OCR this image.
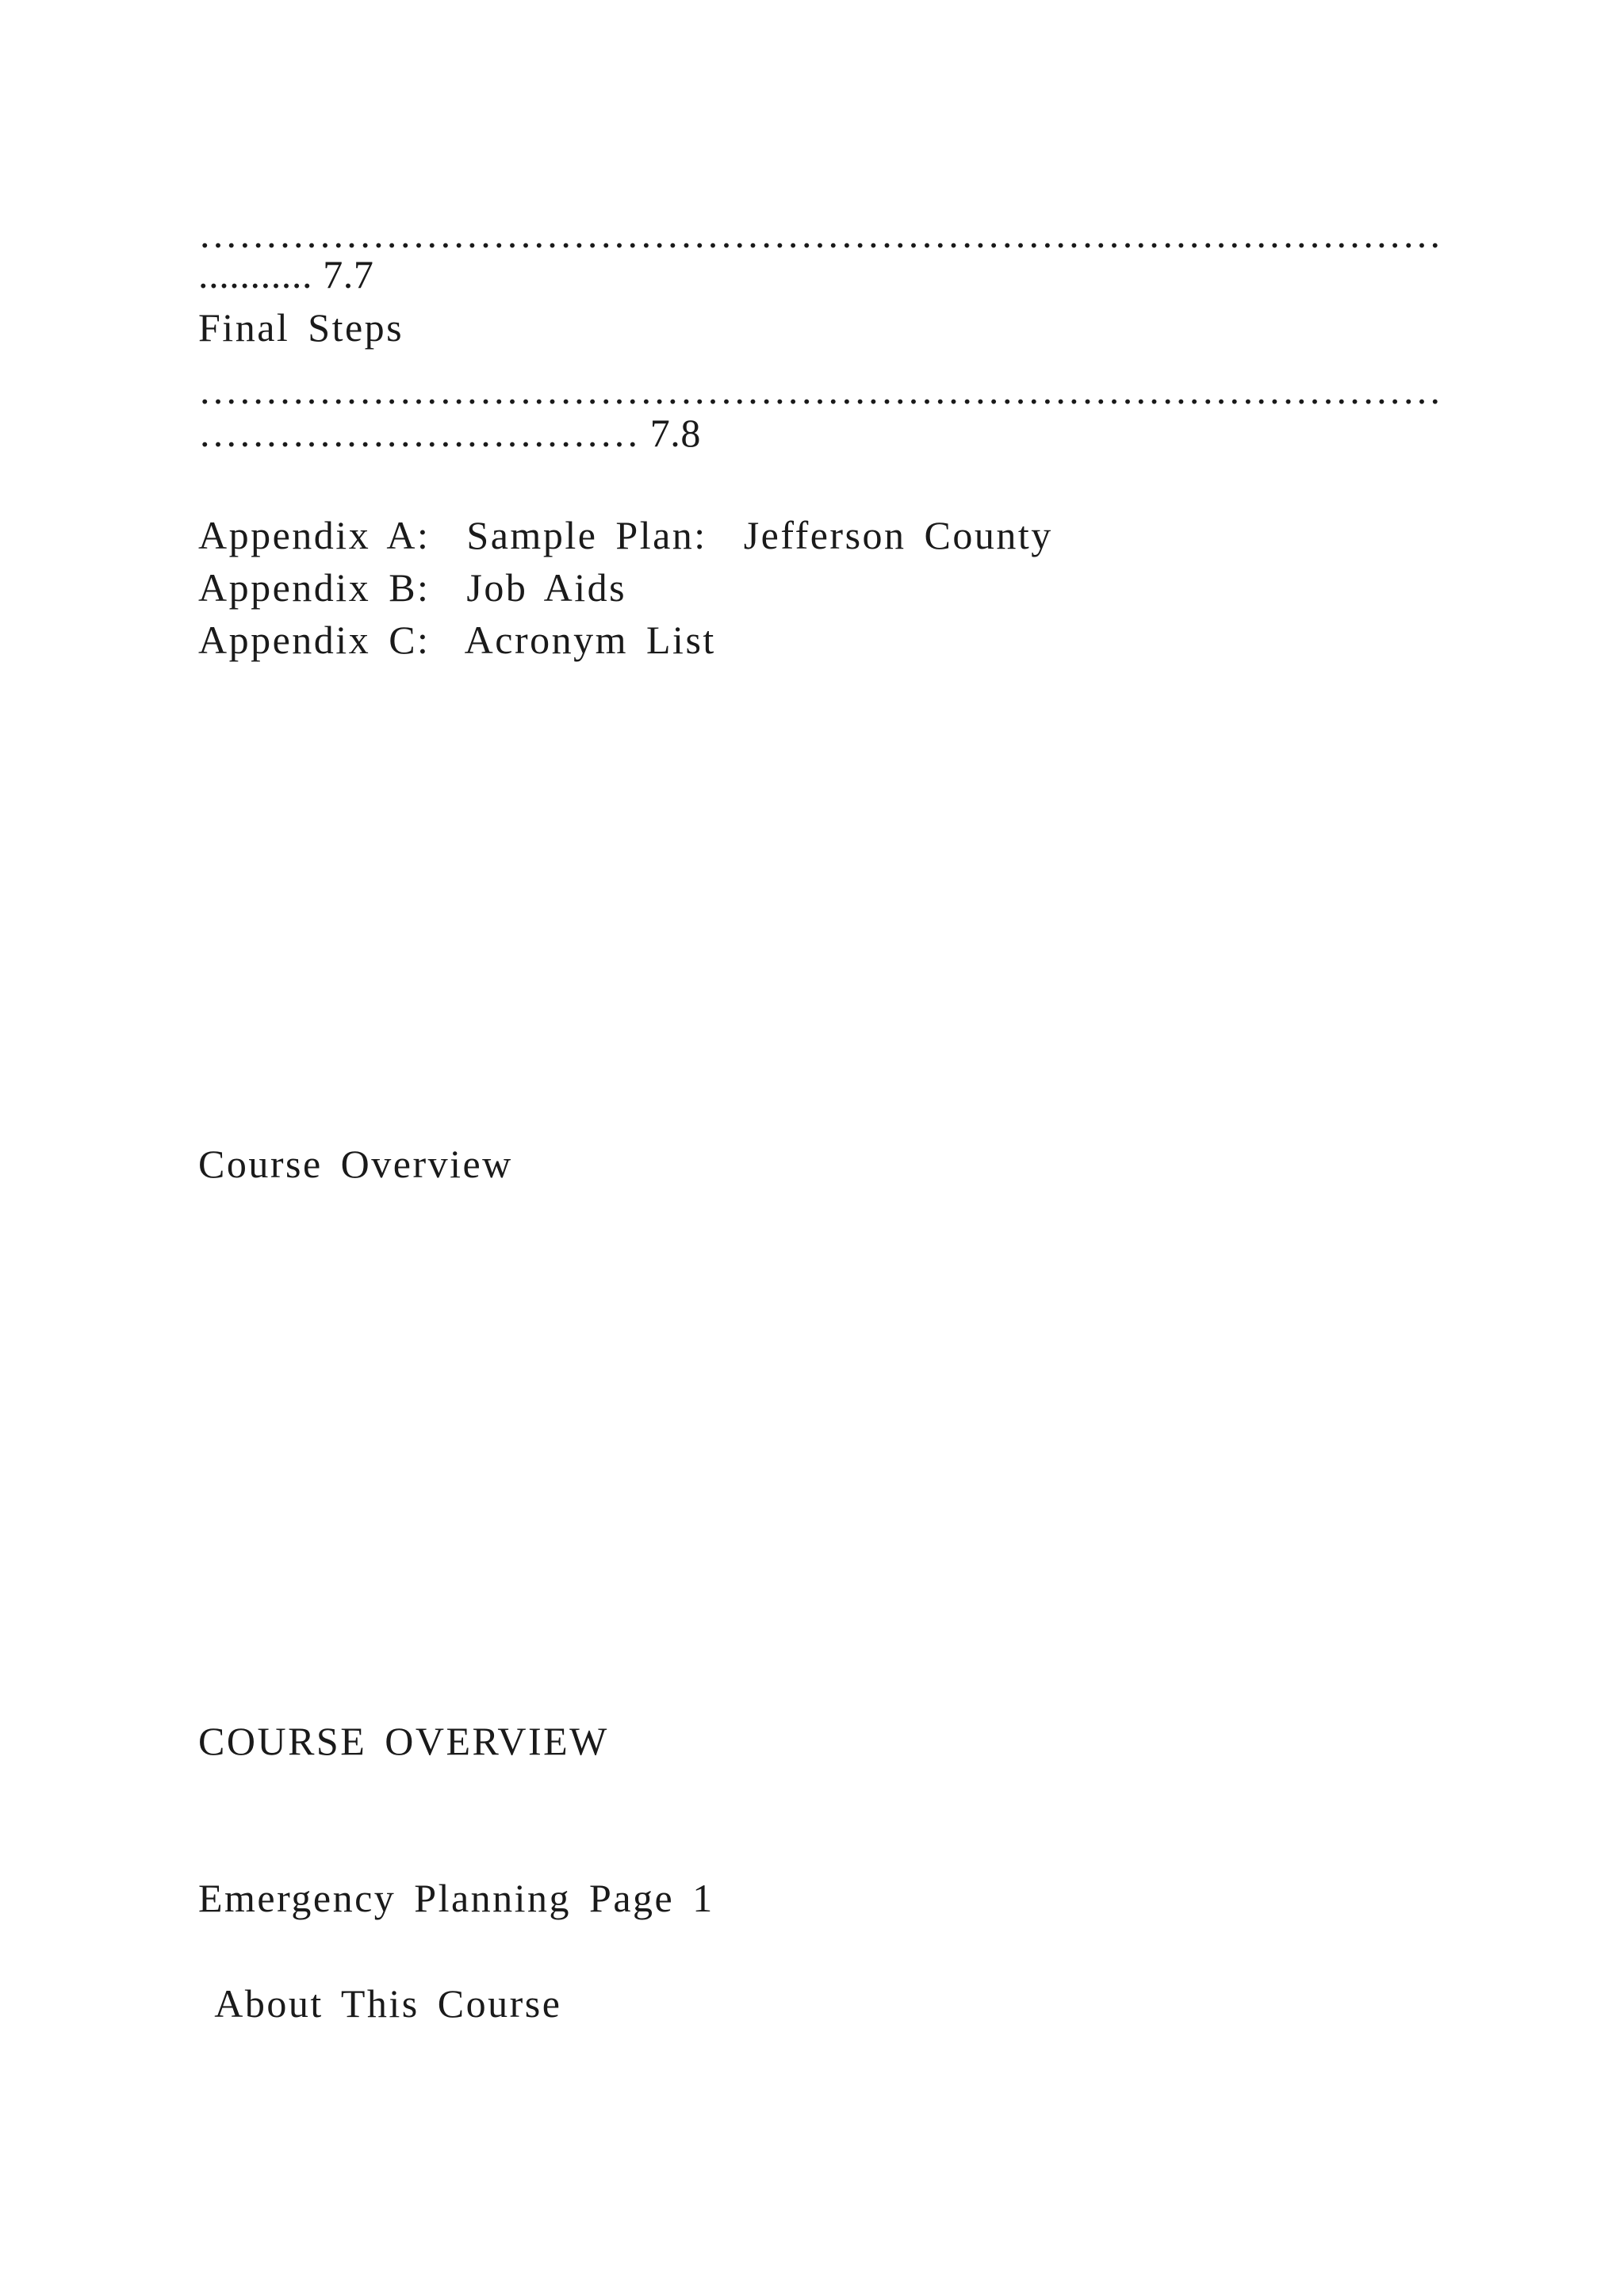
…………………………………………………………………………………
........... 7.7
Final Steps
…………………………………………………………………………………
…………………………… 7.8
Appendix A:  Sample Plan:  Jefferson County
Appendix B:  Job Aids
Appendix C:  Acronym List
Course Overview
COURSE OVERVIEW
Emergency Planning Page 1
About This Course
